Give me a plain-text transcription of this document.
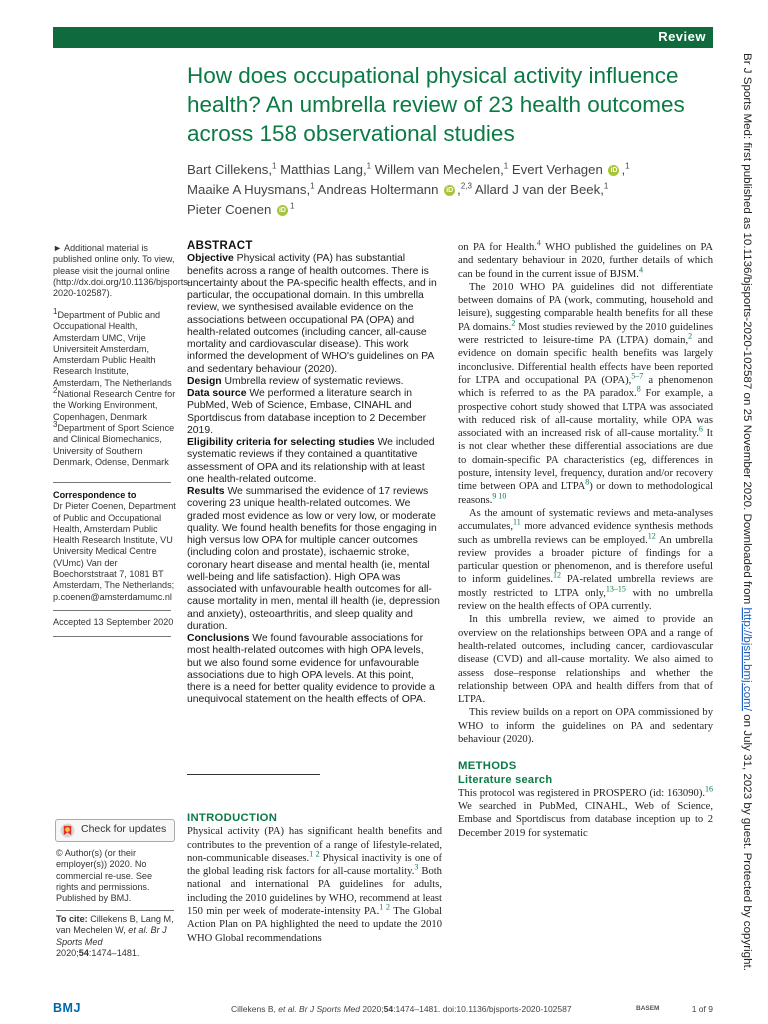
Review
How does occupational physical activity influence health? An umbrella review of 23 health outcomes across 158 observational studies
Bart Cillekens,$^1$ Matthias Lang,$^1$ Willem van Mechelen,$^1$ Evert Verhagen iD ,$^1$
Maaike A Huysmans,$^1$ Andreas Holtermann iD ,$^{2,3}$ Allard J van der Beek,$^1$
Pieter Coenen iD $^1$
► Additional material is published online only. To view, please visit the journal online (http://dx.doi.org/10.1136/bjsports-2020-102587).
$^1$Department of Public and Occupational Health, Amsterdam UMC, Vrije Universiteit Amsterdam, Amsterdam Public Health Research Institute, Amsterdam, The Netherlands
$^2$National Research Centre for the Working Environment, Copenhagen, Denmark
$^3$Department of Sport Science and Clinical Biomechanics, University of Southern Denmark, Odense, Denmark
Correspondence to
Dr Pieter Coenen, Department of Public and Occupational Health, Amsterdam Public Health Research Institute, VU University Medical Centre (VUmc) Van der Boechorststraat 7, 1081 BT Amsterdam, The Netherlands; p.coenen@amsterdamumc.nl
Accepted 13 September 2020
ABSTRACT

Objective Physical activity (PA) has substantial benefits across a range of health outcomes. There is uncertainty about the PA-specific health effects, and in particular, the occupational domain. In this umbrella review, we synthesised available evidence on the associations between occupational PA (OPA) and health-related outcomes (including cancer, all-cause mortality and cardiovascular disease). This work informed the development of WHO's guidelines on PA and sedentary behaviour (2020).

Design Umbrella review of systematic reviews.

Data source We performed a literature search in PubMed, Web of Science, Embase, CINAHL and Sportdiscus from database inception to 2 December 2019.

Eligibility criteria for selecting studies We included systematic reviews if they contained a quantitative assessment of OPA and its relationship with at least one health-related outcome.

Results We summarised the evidence of 17 reviews covering 23 unique health-related outcomes. We graded most evidence as low or very low, or moderate quality. We found health benefits for those engaging in high versus low OPA for multiple cancer outcomes (including colon and prostate), ischaemic stroke, coronary heart disease and mental health (ie, mental well-being and life satisfaction). High OPA was associated with unfavourable health outcomes for all-cause mortality in men, mental ill health (ie, depression and anxiety), osteoarthritis, and sleep quality and duration.

Conclusions We found favourable associations for most health-related outcomes with high OPA levels, but we also found some evidence for unfavourable associations due to high OPA levels. At this point, there is a need for better quality evidence to provide a unequivocal statement on the health effects of OPA.

INTRODUCTION

Physical activity (PA) has significant health benefits and contributes to the prevention of a range of lifestyle-related, non-communicable diseases.$^{1 2}$ Physical inactivity is one of the global leading risk factors for all-cause mortality.$^3$ Both national and international PA guidelines for adults, including the 2010 guidelines by WHO, recommend at least 150 min per week of moderate-intensity PA.$^{1 2}$ The Global Action Plan on PA highlighted the need to update the 2010 WHO Global recommendations

on PA for Health.$^4$ WHO published the guidelines on PA and sedentary behaviour in 2020, further details of which can be found in the current issue of BJSM.$^4$

The 2010 WHO PA guidelines did not differentiate between domains of PA (work, commuting, household and leisure), suggesting comparable health benefits for all these PA domains.$^2$ Most studies reviewed by the 2010 guidelines were restricted to leisure-time PA (LTPA) domain,$^2$ and evidence on domain specific health benefits was largely inconclusive. Differential health effects have been reported for LTPA and occupational PA (OPA),$^{5-7}$ a phenomenon which is referred to as the PA paradox.$^8$ For example, a prospective cohort study showed that LTPA was associated with reduced risk of all-cause mortality, while OPA was associated with an increased risk of all-cause mortality.$^6$ It is not clear whether these differential associations are due to domain-specific PA characteristics (eg, differences in posture, intensity level, frequency, duration and/or recovery time between OPA and LTPA$^8$) or down to methodological reasons.$^{9 10}$

As the amount of systematic reviews and meta-analyses accumulates,$^{11}$ more advanced evidence synthesis methods such as umbrella reviews can be employed.$^{12}$ An umbrella review provides a broader picture of findings for a particular question or phenomenon, and is therefore useful to inform guidelines.$^{12}$ PA-related umbrella reviews are mostly restricted to LTPA only,$^{13-15}$ with no umbrella review on the health effects of OPA currently.

In this umbrella review, we aimed to provide an overview on the relationships between OPA and a range of health-related outcomes, including cancer, cardiovascular disease (CVD) and all-cause mortality. We also aimed to assess dose–response relationships and whether the relationship between OPA and health differs from that of LTPA.

This review builds on a report on OPA commissioned by WHO to inform the guidelines on PA and sedentary behaviour (2020).

METHODS
Literature search

This protocol was registered in PROSPERO (id: 163090).$^{16}$ We searched in PubMed, CINAHL, Web of Science, Embase and Sportdiscus from database inception up to 2 December 2019 for systematic

Check for updates
© Author(s) (or their employer(s)) 2020. No commercial re-use. See rights and permissions. Published by BMJ.
To cite: Cillekens B, Lang M, van Mechelen W, et al. Br J Sports Med
2020;54:1474–1481.
Br J Sports Med: first published as 10.1136/bjsports-2020-102587 on 25 November 2020. Downloaded from http://bjsm.bmj.com/ on July 31, 2023 by guest. Protected by copyright.
BMJ	Cillekens B, et al. Br J Sports Med 2020;54:1474–1481. doi:10.1136/bjsports-2020-102587	BASEM	1 of 9
